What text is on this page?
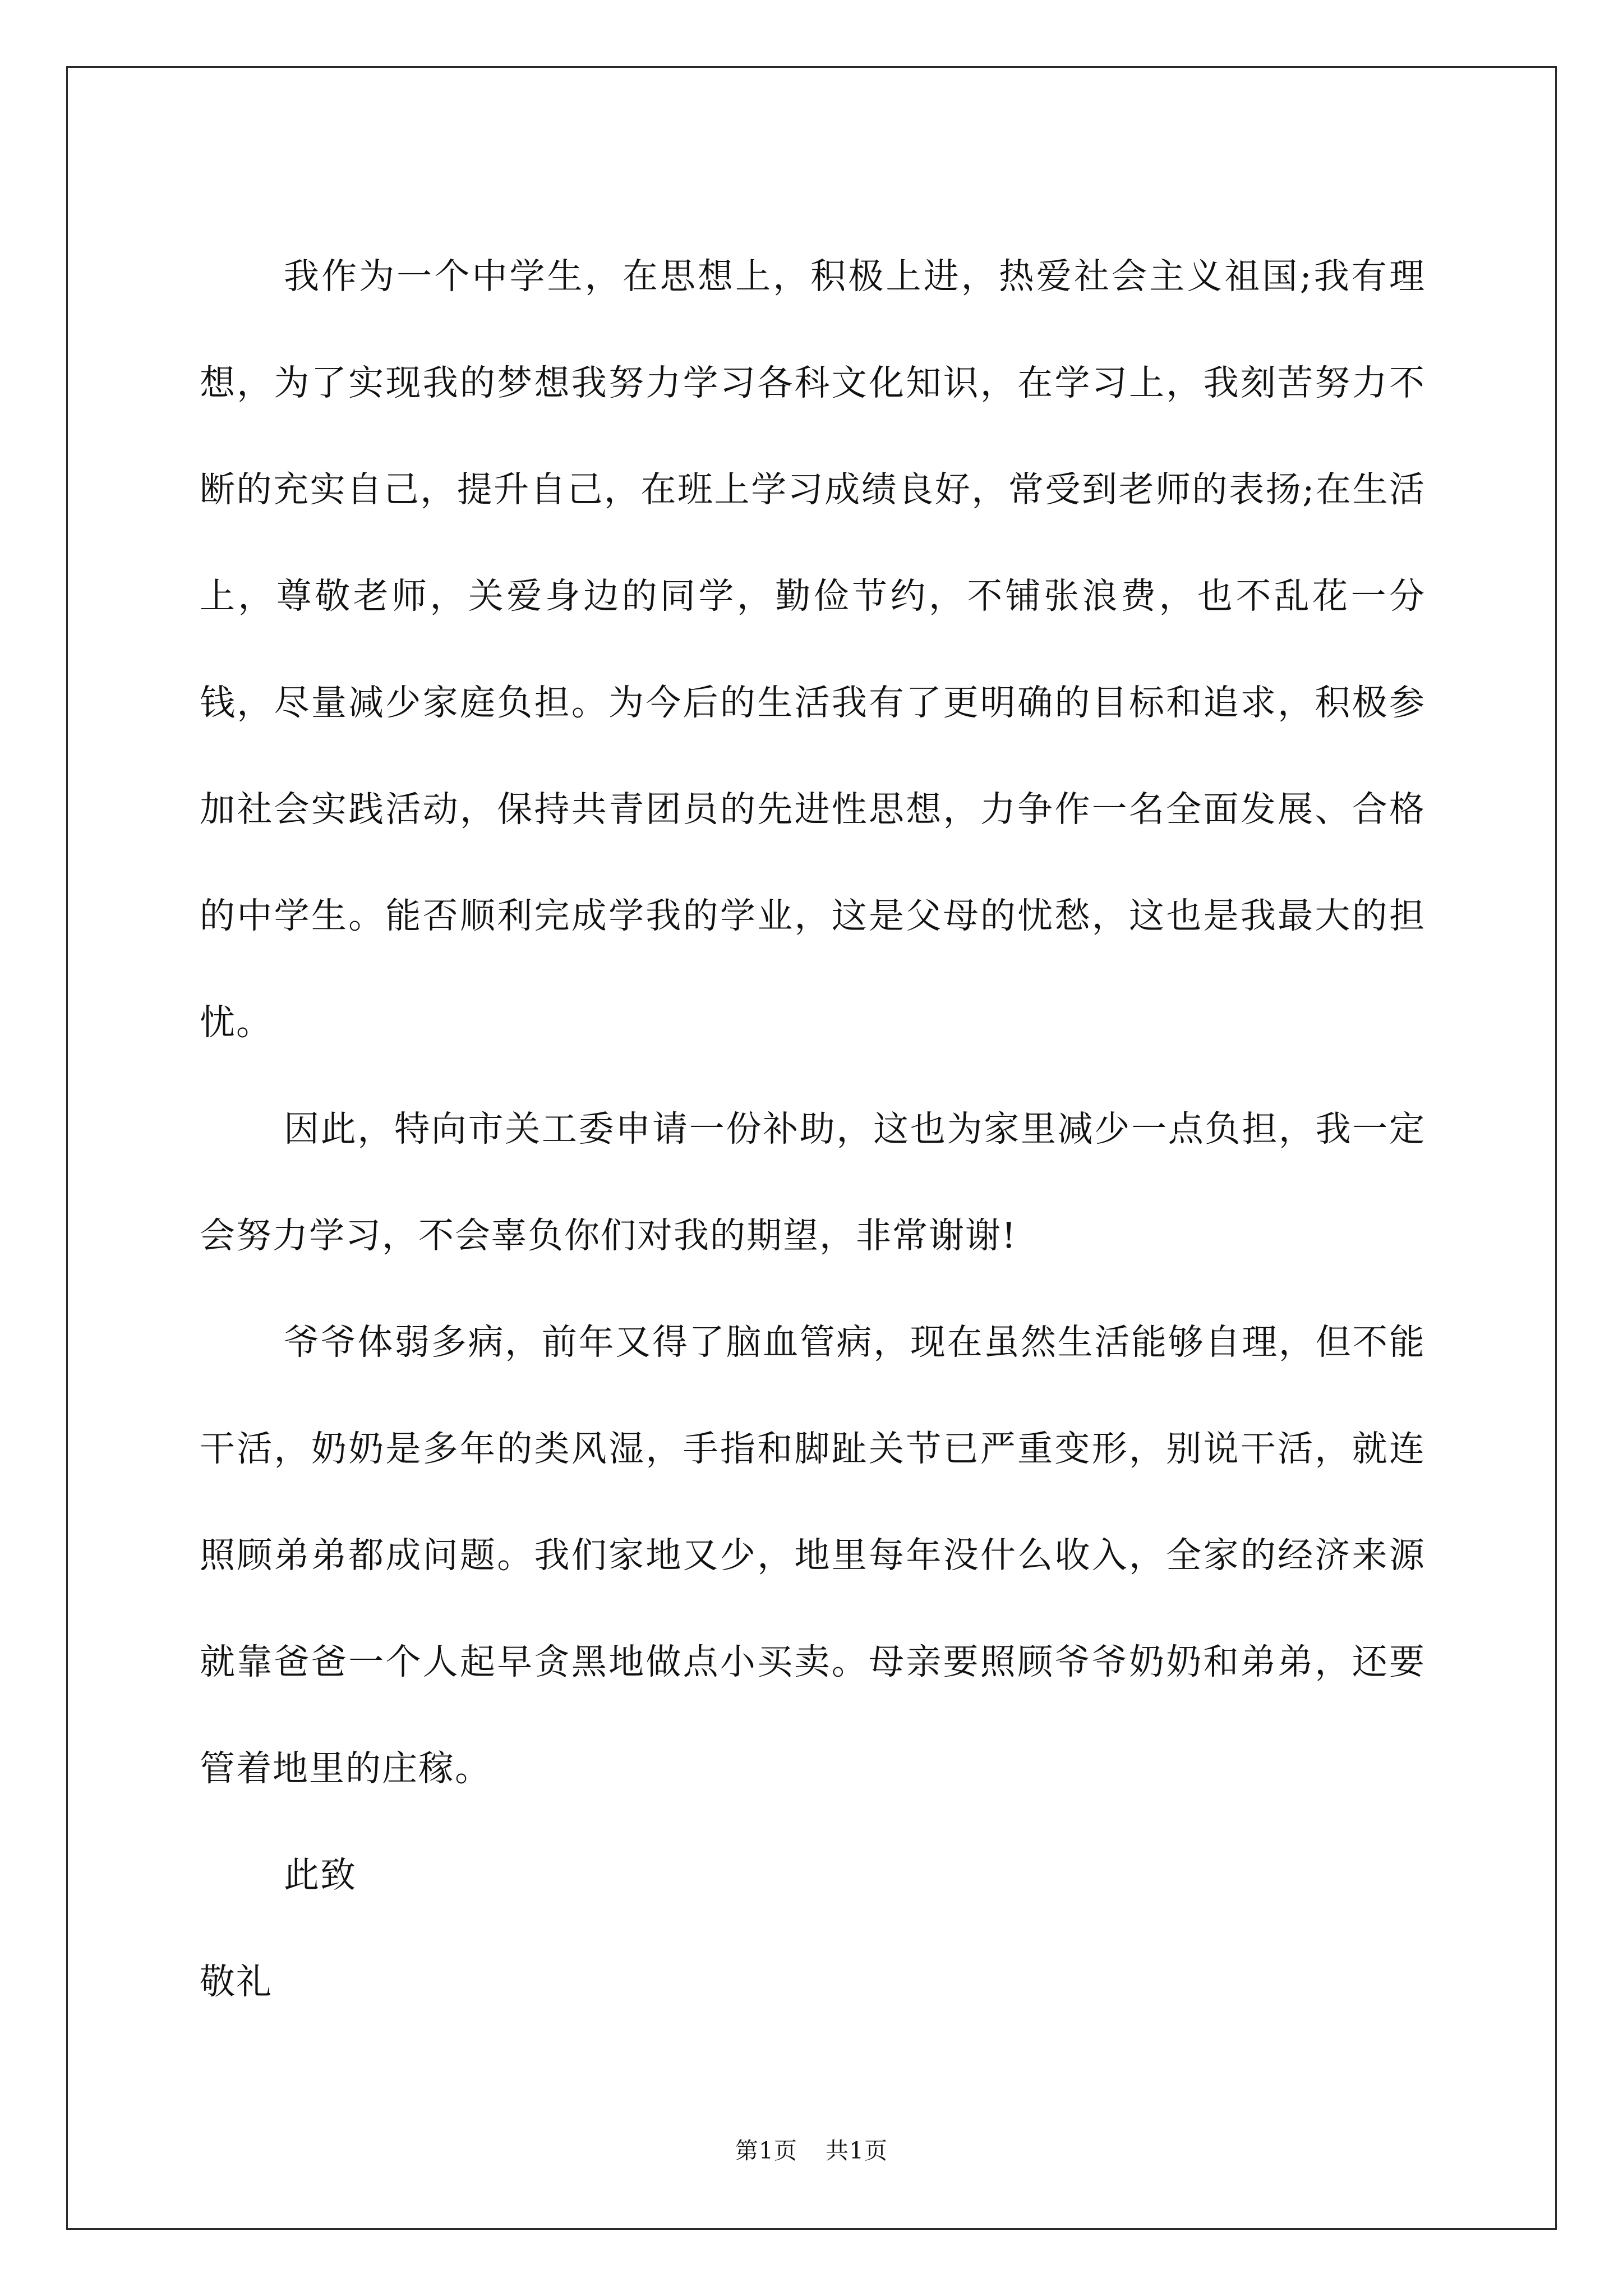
我作为一个中学生，在思想上，积极上进，热爱社会主义祖国;我有理想，为了实现我的梦想我努力学习各科文化知识，在学习上，我刻苦努力不断的充实自己，提升自己，在班上学习成绩良好，常受到老师的表扬;在生活上，尊敬老师，关爱身边的同学，勤俭节约，不铺张浪费，也不乱花一分钱，尽量减少家庭负担。为今后的生活我有了更明确的目标和追求，积极参加社会实践活动，保持共青团员的先进性思想，力争作一名全面发展、合格的中学生。能否顺利完成学我的学业，这是父母的忧愁，这也是我最大的担忧。

因此，特向市关工委申请一份补助，这也为家里减少一点负担，我一定会努力学习，不会辜负你们对我的期望，非常谢谢!

爷爷体弱多病，前年又得了脑血管病，现在虽然生活能够自理，但不能干活，奶奶是多年的类风湿，手指和脚趾关节已严重变形，别说干活，就连照顾弟弟都成问题。我们家地又少，地里每年没什么收入，全家的经济来源就靠爸爸一个人起早贪黑地做点小买卖。母亲要照顾爷爷奶奶和弟弟，还要管着地里的庄稼。

此致

敬礼

第1页 共1页
